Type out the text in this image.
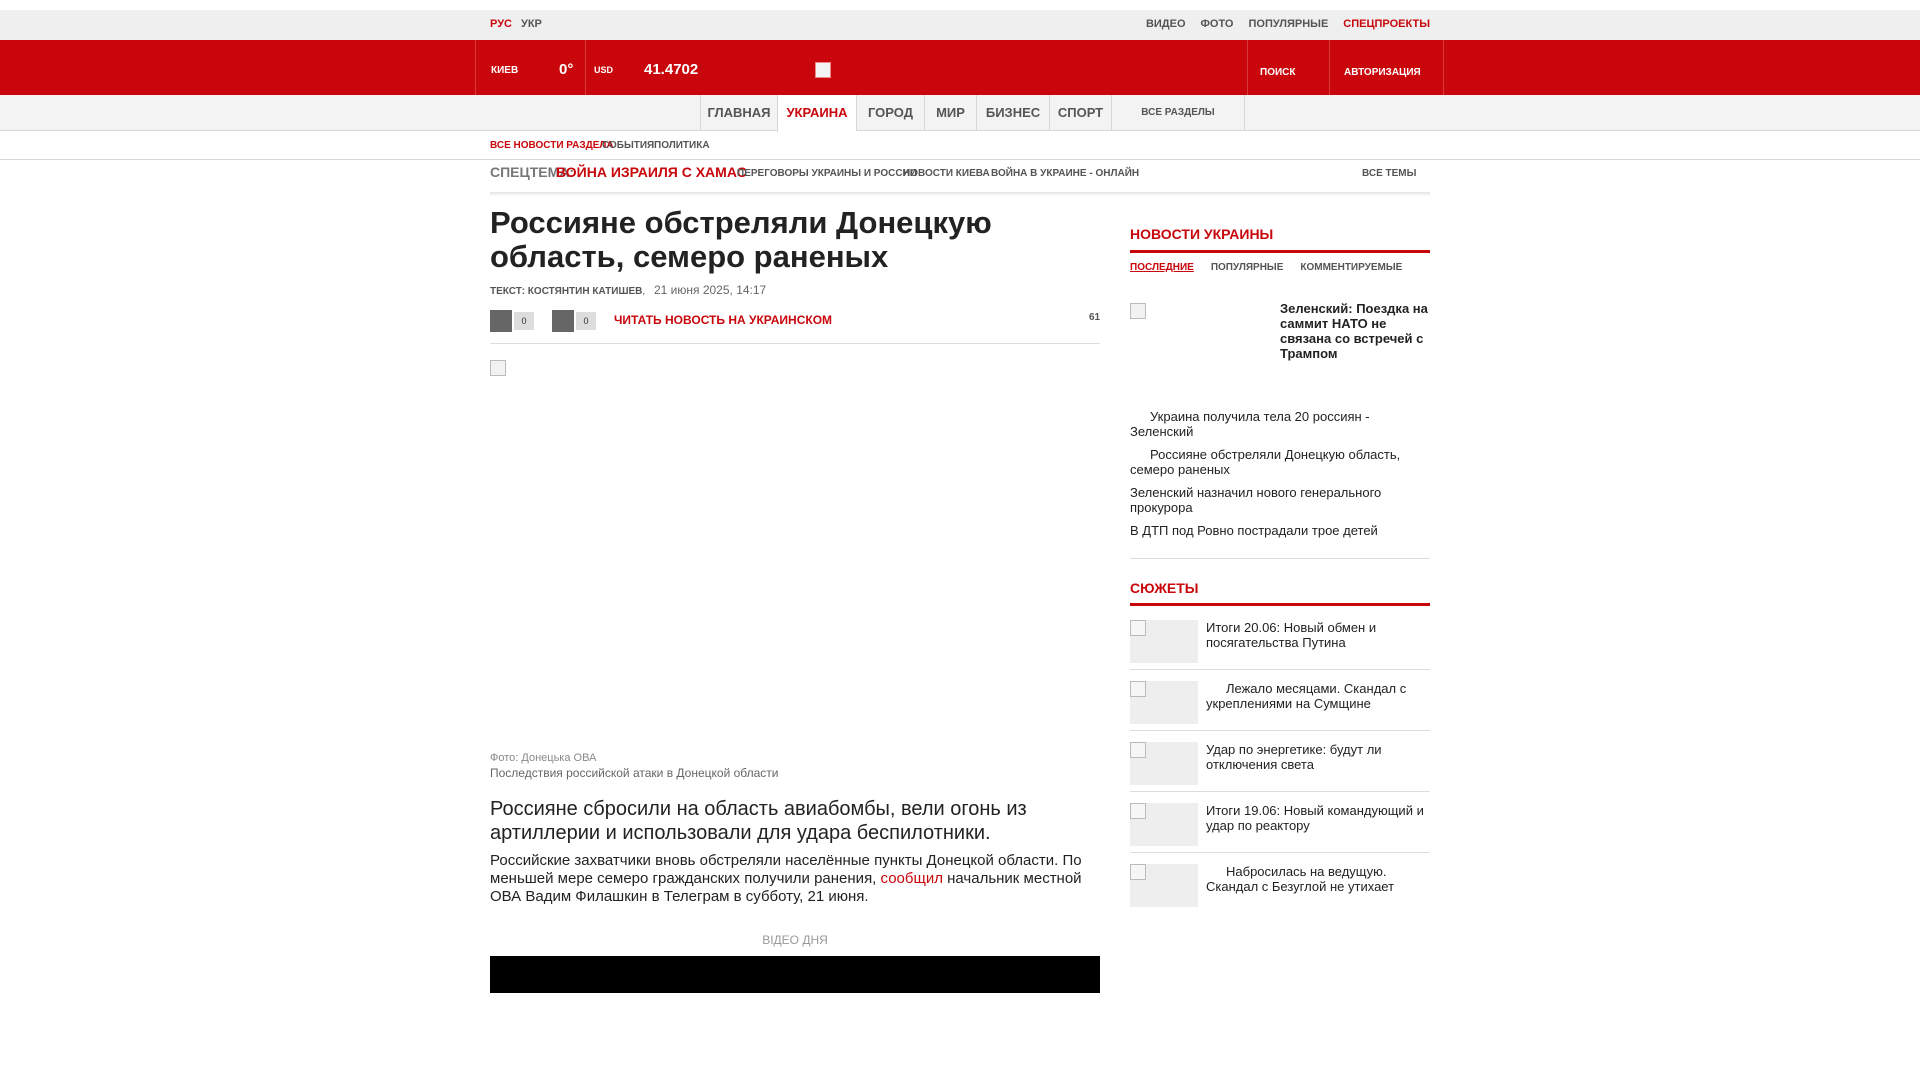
РУС УКР	ВИДЕО ФОТО ПОПУЛЯРНЫЕ СПЕЦПРОЕКТЫ
КИЕВ	0° USD 41.4702	ПОИСК	АВТОРИЗАЦИЯ
ГЛАВНАЯ	УКРАИНА	ГОРОД	МИР	БИЗНЕС	СПОРТ	ВСЕ РАЗДЕЛЫ
ВСЕ НОВОСТИ РАЗДЕЛА
СОБЫТИЯ ПОЛИТИКА
СПЕЦТЕМА:
ВОЙНА ИЗРАИЛЯ С ХАМАС
ПЕРЕГОВОРЫ УКРАИНЫ И РОССИИ
НОВОСТИ КИЕВА ВОЙНА В УКРАИНЕ - ОНЛАЙН	ВСЕ ТЕМЫ
Россияне обстреляли Донецкую область, семеро раненых
ТЕКСТ: КОСТЯНТИН КАТИШЕВ, 21 июня 2025, 14:17
0	0	ЧИТАТЬ НОВОСТЬ НА УКРАИНСКОМ	61
Фото: Донецька ОВА
Последствия российской атаки в Донецкой области

Россияне сбросили на область авиабомбы, вели огонь из артиллерии и использовали для удара беспилотники.

Российские захватчики вновь обстреляли населённые пункты Донецкой области. По меньшей мере семеро гражданских получили ранения, сообщил начальник местной ОВА Вадим Филашкин в Телеграм в субботу, 21 июня.

ВІДЕО ДНЯ
НОВОСТИ УКРАИНЫ
ПОСЛЕДНИЕ ПОПУЛЯРНЫЕ КОММЕНТИРУЕМЫЕ
Зеленский: Поездка на саммит НАТО не связана со встречей с Трампом
Украина получила тела 20 россиян - Зеленский
Россияне обстреляли Донецкую область, семеро раненых
Зеленский назначил нового генерального прокурора
В ДТП под Ровно пострадали трое детей
СЮЖЕТЫ
Итоги 20.06: Новый обмен и посягательства Путина
Лежало месяцами. Скандал с укреплениями на Сумщине
Удар по энергетике: будут ли отключения света
Итоги 19.06: Новый командующий и удар по реактору
Набросилась на ведущую. Скандал с Безуглой не утихает
